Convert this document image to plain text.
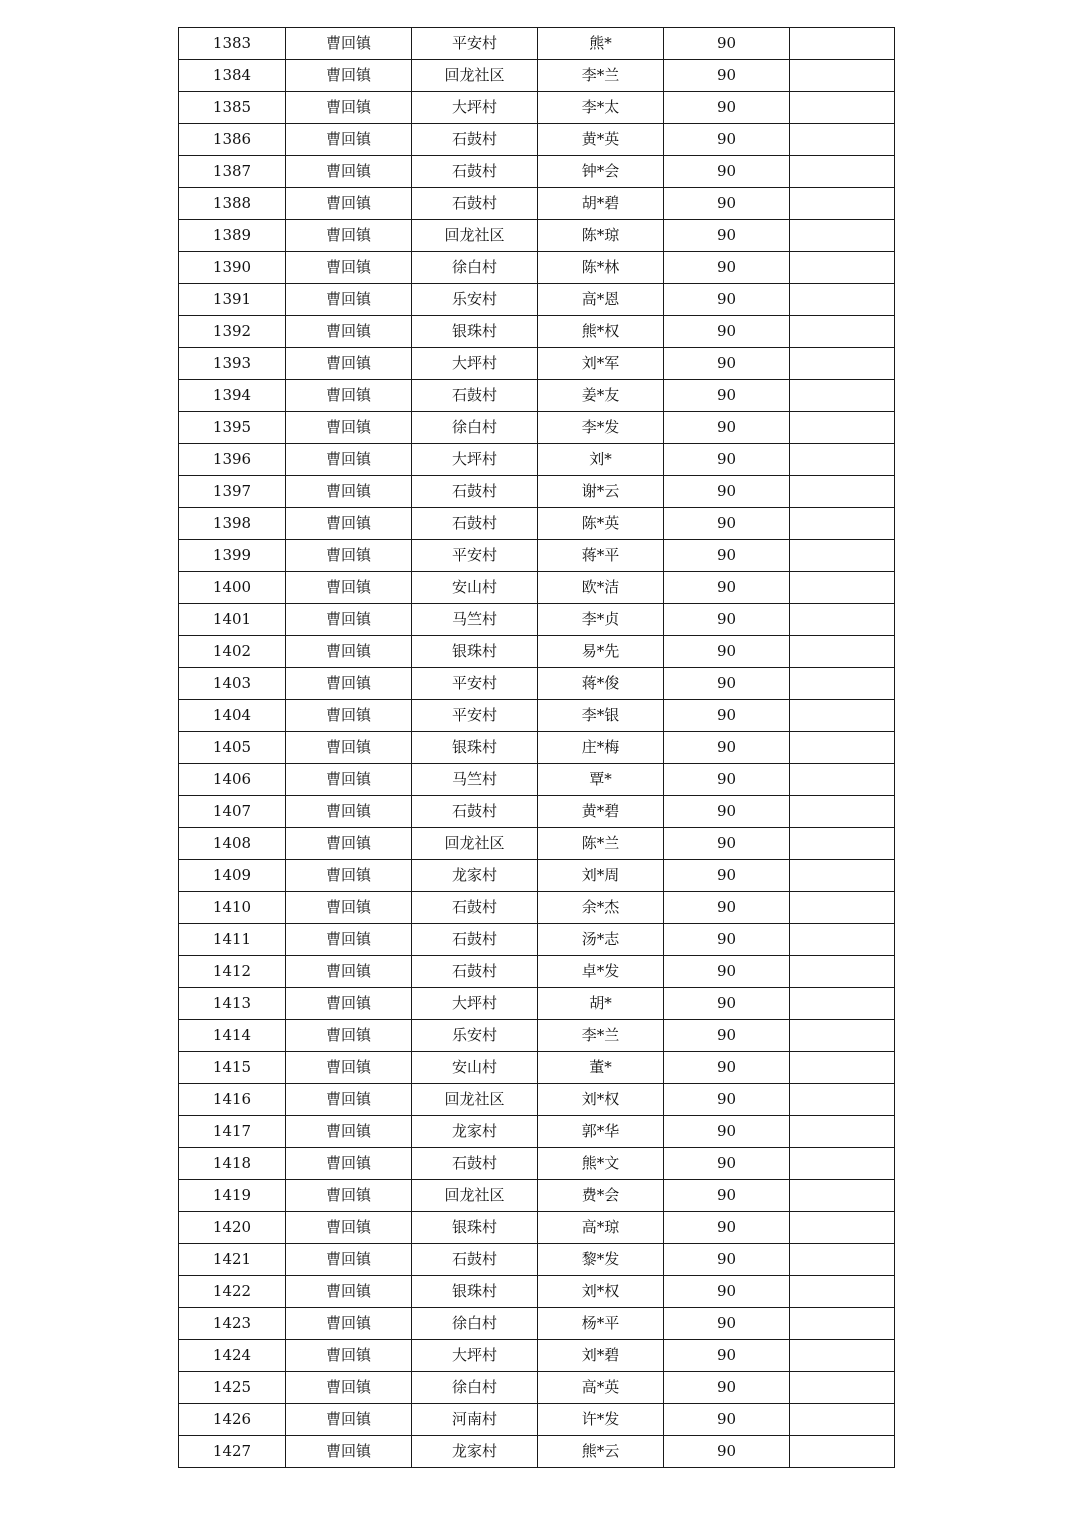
1383	曹回镇	平安村	熊*	90	
1384	曹回镇	回龙社区	李*兰	90	
1385	曹回镇	大坪村	李*太	90	
1386	曹回镇	石鼓村	黄*英	90	
1387	曹回镇	石鼓村	钟*会	90	
1388	曹回镇	石鼓村	胡*碧	90	
1389	曹回镇	回龙社区	陈*琼	90	
1390	曹回镇	徐白村	陈*林	90	
1391	曹回镇	乐安村	高*恩	90	
1392	曹回镇	银珠村	熊*权	90	
1393	曹回镇	大坪村	刘*军	90	
1394	曹回镇	石鼓村	姜*友	90	
1395	曹回镇	徐白村	李*发	90	
1396	曹回镇	大坪村	刘*	90	
1397	曹回镇	石鼓村	谢*云	90	
1398	曹回镇	石鼓村	陈*英	90	
1399	曹回镇	平安村	蒋*平	90	
1400	曹回镇	安山村	欧*洁	90	
1401	曹回镇	马竺村	李*贞	90	
1402	曹回镇	银珠村	易*先	90	
1403	曹回镇	平安村	蒋*俊	90	
1404	曹回镇	平安村	李*银	90	
1405	曹回镇	银珠村	庄*梅	90	
1406	曹回镇	马竺村	覃*	90	
1407	曹回镇	石鼓村	黄*碧	90	
1408	曹回镇	回龙社区	陈*兰	90	
1409	曹回镇	龙家村	刘*周	90	
1410	曹回镇	石鼓村	余*杰	90	
1411	曹回镇	石鼓村	汤*志	90	
1412	曹回镇	石鼓村	卓*发	90	
1413	曹回镇	大坪村	胡*	90	
1414	曹回镇	乐安村	李*兰	90	
1415	曹回镇	安山村	董*	90	
1416	曹回镇	回龙社区	刘*权	90	
1417	曹回镇	龙家村	郭*华	90	
1418	曹回镇	石鼓村	熊*文	90	
1419	曹回镇	回龙社区	费*会	90	
1420	曹回镇	银珠村	高*琼	90	
1421	曹回镇	石鼓村	黎*发	90	
1422	曹回镇	银珠村	刘*权	90	
1423	曹回镇	徐白村	杨*平	90	
1424	曹回镇	大坪村	刘*碧	90	
1425	曹回镇	徐白村	高*英	90	
1426	曹回镇	河南村	许*发	90	
1427	曹回镇	龙家村	熊*云	90	
